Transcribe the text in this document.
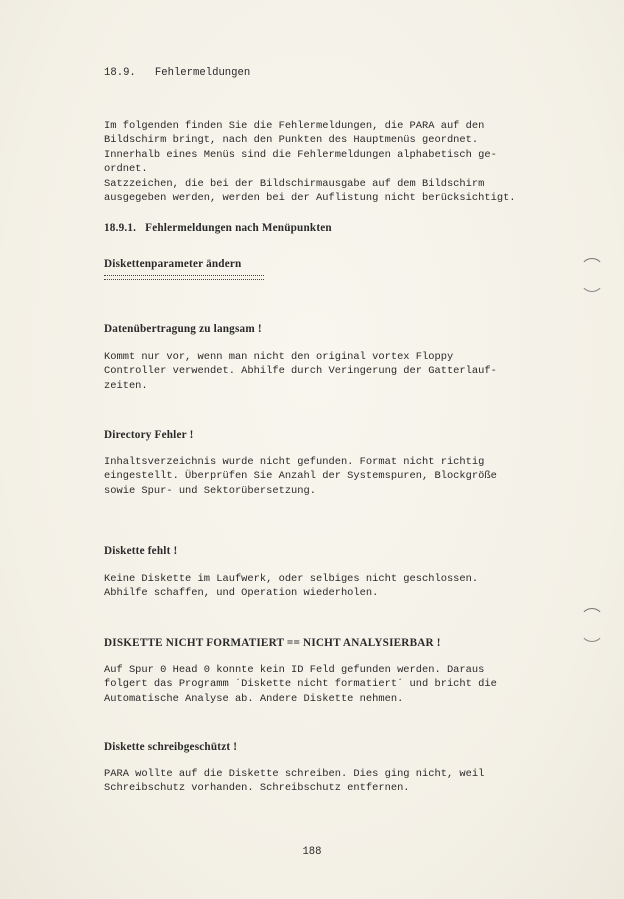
18.9. Fehlermeldungen
Im folgenden finden Sie die Fehlermeldungen, die PARA auf den
Bildschirm bringt, nach den Punkten des Hauptmenüs geordnet.
Innerhalb eines Menüs sind die Fehlermeldungen alphabetisch ge-
ordnet.
Satzzeichen, die bei der Bildschirmausgabe auf dem Bildschirm
ausgegeben werden, werden bei der Auflistung nicht berücksichtigt.
18.9.1. Fehlermeldungen nach Menüpunkten
Diskettenparameter ändern
Datenübertragung zu langsam !
Kommt nur vor, wenn man nicht den original vortex Floppy
Controller verwendet. Abhilfe durch Veringerung der Gatterlauf-
zeiten.
Directory Fehler !
Inhaltsverzeichnis wurde nicht gefunden. Format nicht richtig
eingestellt. Überprüfen Sie Anzahl der Systemspuren, Blockgröße
sowie Spur- und Sektorübersetzung.
Diskette fehlt !
Keine Diskette im Laufwerk, oder selbiges nicht geschlossen.
Abhilfe schaffen, und Operation wiederholen.
DISKETTE NICHT FORMATIERT == NICHT ANALYSIERBAR !
Auf Spur 0 Head 0 konnte kein ID Feld gefunden werden. Daraus
folgert das Programm ´Diskette nicht formatiert´ und bricht die
Automatische Analyse ab. Andere Diskette nehmen.
Diskette schreibgeschützt !
PARA wollte auf die Diskette schreiben. Dies ging nicht, weil
Schreibschutz vorhanden. Schreibschutz entfernen.
188
